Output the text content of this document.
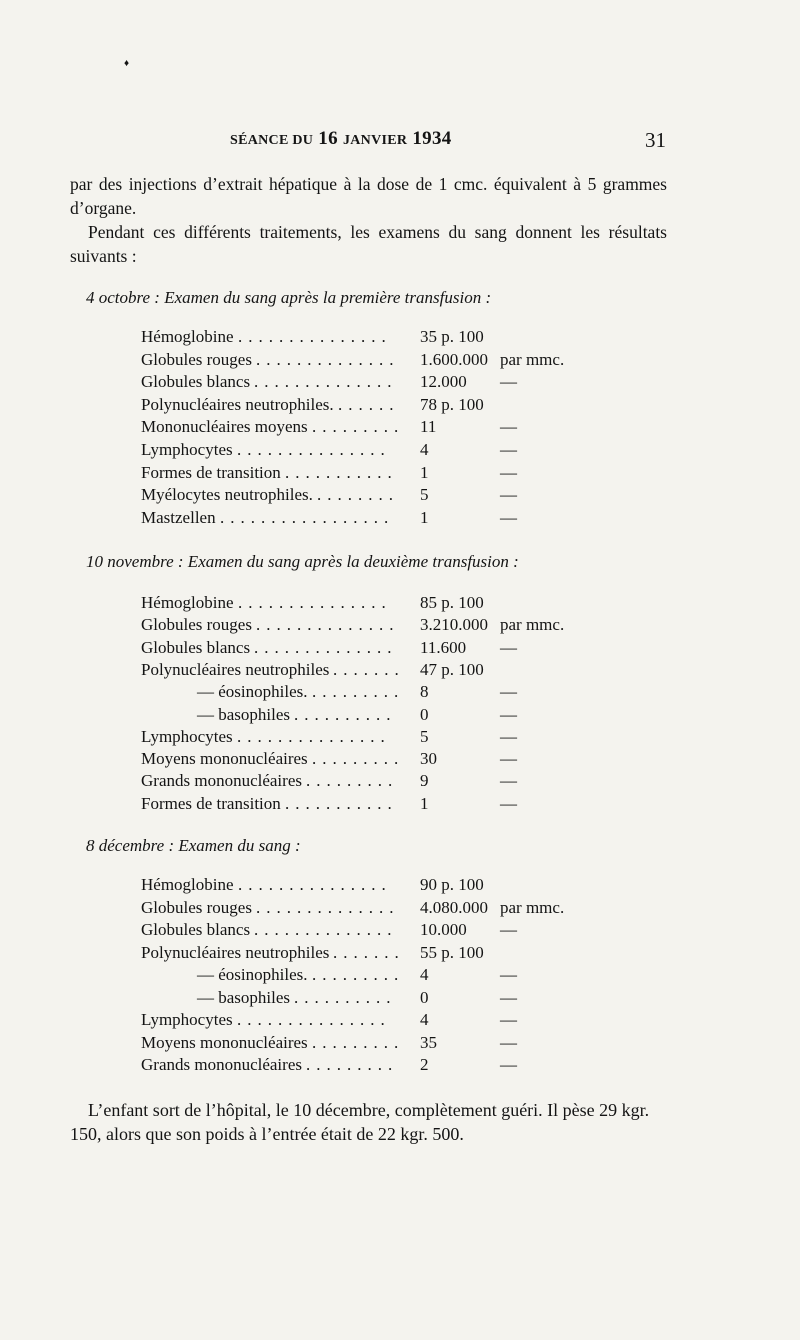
♦
SÉANCE DU 16 JANVIER 1934	31
par des injections d’extrait hépatique à la dose de 1 cmc. équivalent à 5 grammes d’organe.
Pendant ces différents traitements, les examens du sang donnent les résultats suivants :
4 octobre : Examen du sang après la première transfusion :
Hémoglobine ............... 35 p. 100
Globules rouges .............. 1.600.000 par mmc.
Globules blancs .............. 12.000 —
Polynucléaires neutrophiles. ...... 78 p. 100
Mononucléaires moyens ......... 11	—
Lymphocytes ............... 4	—
Formes de transition ........... 1	—
Myélocytes neutrophiles. ........ 5	—
Mastzellen ................. 1	—
10 novembre : Examen du sang après la deuxième transfusion :
Hémoglobine ............... 85 p. 100
Globules rouges .............. 3.210.000 par mmc.
Globules blancs .............. 11.600 —
Polynucléaires neutrophiles ....... 47 p. 100
— éosinophiles. ......... 8	—
— basophiles .......... 0	—
Lymphocytes ............... 5	—
Moyens mononucléaires ......... 30	—
Grands mononucléaires ......... 9	—
Formes de transition ........... 1	—
8 décembre : Examen du sang :
Hémoglobine ............... 90 p. 100
Globules rouges .............. 4.080.000 par mmc.
Globules blancs .............. 10.000 —
Polynucléaires neutrophiles ....... 55 p. 100
— éosinophiles. ......... 4	—
— basophiles .......... 0	—
Lymphocytes ............... 4	—
Moyens mononucléaires ......... 35	—
Grands mononucléaires ......... 2	—
L’enfant sort de l’hôpital, le 10 décembre, complètement guéri. Il pèse 29 kgr. 150, alors que son poids à l’entrée était de 22 kgr. 500.
